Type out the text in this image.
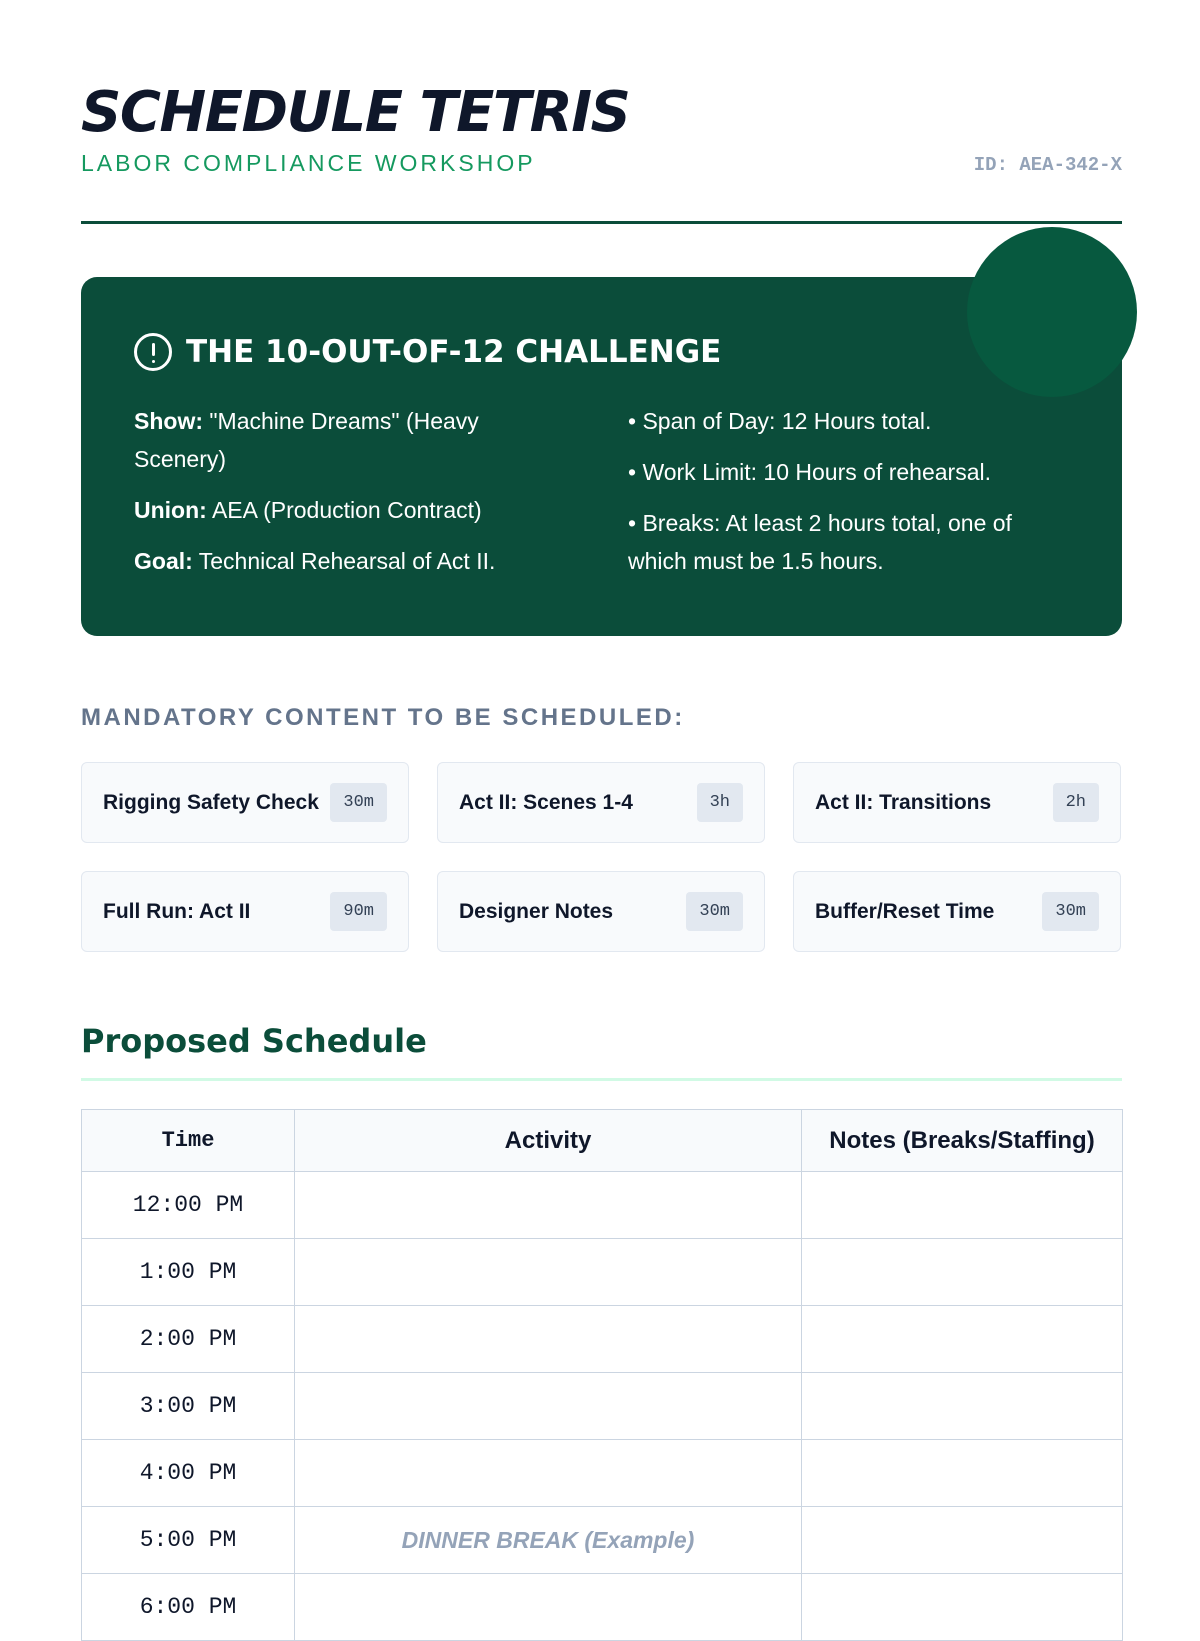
SCHEDULE TETRIS
LABOR COMPLIANCE WORKSHOP	ID: AEA-342-X
THE 10-OUT-OF-12 CHALLENGE

Show: "Machine Dreams" (Heavy Scenery)

Union: AEA (Production Contract)

Goal: Technical Rehearsal of Act II.

• Span of Day: 12 Hours total.

• Work Limit: 10 Hours of rehearsal.

• Breaks: At least 2 hours total, one of which must be 1.5 hours.

MANDATORY CONTENT TO BE SCHEDULED:
Rigging Safety Check	30m	Act II: Scenes 1-4	3h	Act II: Transitions	2h
Full Run: Act II	90m	Designer Notes	30m	Buffer/Reset Time	30m
Proposed Schedule
Time	Activity	Notes (Breaks/Staffing)
12:00 PM		
1:00 PM		
2:00 PM		
3:00 PM		
4:00 PM		
5:00 PM	DINNER BREAK (Example)	
6:00 PM		
